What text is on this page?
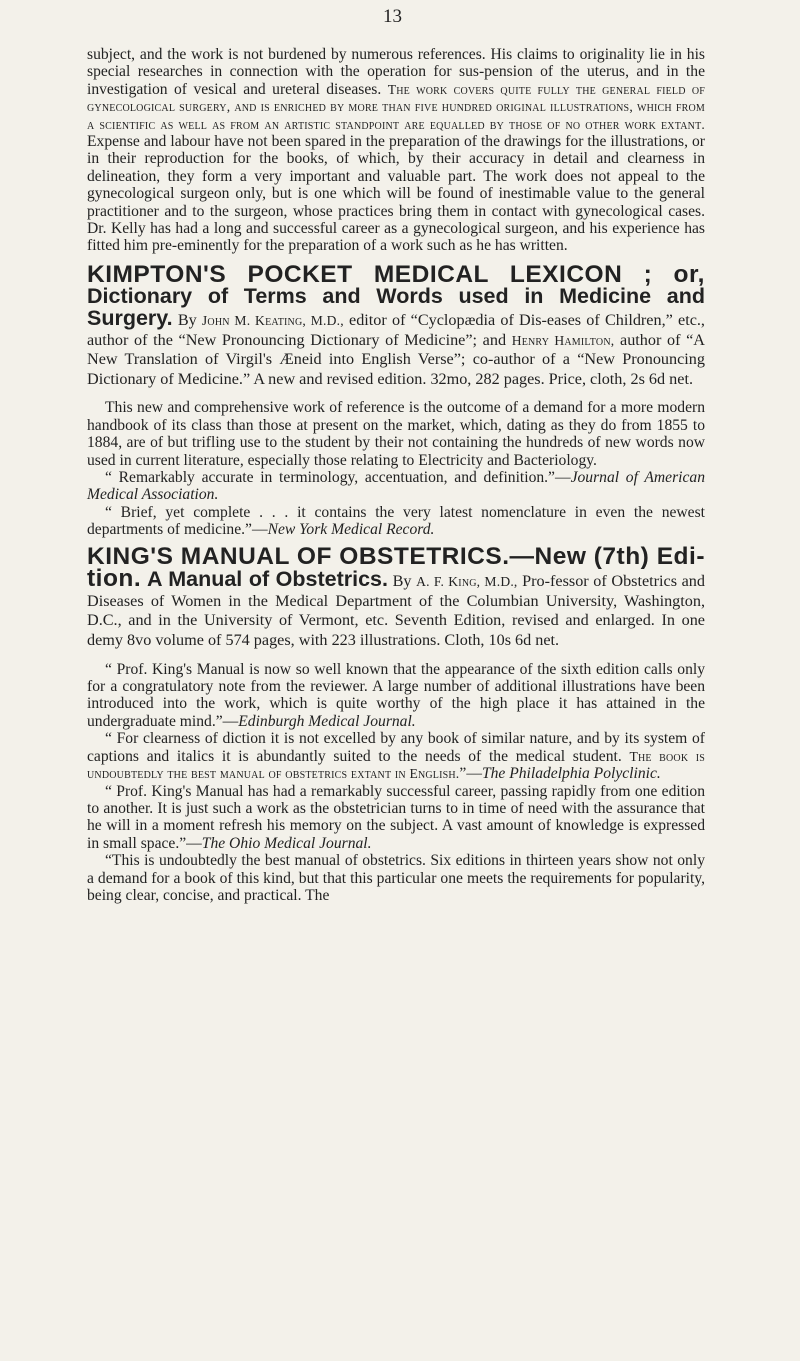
13

subject, and the work is not burdened by numerous references. His claims to originality lie in his special researches in connection with the operation for sus-pension of the uterus, and in the investigation of vesical and ureteral diseases. The work covers quite fully the general field of gynecological surgery, and is enriched by more than five hundred original illustrations, which from a scientific as well as from an artistic standpoint are equalled by those of no other work extant. Expense and labour have not been spared in the preparation of the drawings for the illustrations, or in their reproduction for the books, of which, by their accuracy in detail and clearness in delineation, they form a very important and valuable part. The work does not appeal to the gynecological surgeon only, but is one which will be found of inestimable value to the general practitioner and to the surgeon, whose practices bring them in contact with gynecological cases. Dr. Kelly has had a long and successful career as a gynecological surgeon, and his experience has fitted him pre-eminently for the preparation of a work such as he has written.

KIMPTON'S POCKET MEDICAL LEXICON ; or, Dictionary of Terms and Words used in Medicine and Surgery. By John M. Keating, M.D., editor of “Cyclopædia of Dis-eases of Children,” etc., author of the “New Pronouncing Dictionary of Medicine”; and Henry Hamilton, author of “A New Translation of Virgil's Æneid into English Verse”; co-author of a “New Pronouncing Dictionary of Medicine.” A new and revised edition. 32mo, 282 pages. Price, cloth, 2s 6d net.

This new and comprehensive work of reference is the outcome of a demand for a more modern handbook of its class than those at present on the market, which, dating as they do from 1855 to 1884, are of but trifling use to the student by their not containing the hundreds of new words now used in current literature, especially those relating to Electricity and Bacteriology.

“ Remarkably accurate in terminology, accentuation, and definition.”—Journal of American Medical Association.

“ Brief, yet complete . . . it contains the very latest nomenclature in even the newest departments of medicine.”—New York Medical Record.

KING'S MANUAL OF OBSTETRICS.—New (7th) Edi-tion. A Manual of Obstetrics. By A. F. King, M.D., Pro-fessor of Obstetrics and Diseases of Women in the Medical Department of the Columbian University, Washington, D.C., and in the University of Vermont, etc. Seventh Edition, revised and enlarged. In one demy 8vo volume of 574 pages, with 223 illustrations. Cloth, 10s 6d net.

“ Prof. King's Manual is now so well known that the appearance of the sixth edition calls only for a congratulatory note from the reviewer. A large number of additional illustrations have been introduced into the work, which is quite worthy of the high place it has attained in the undergraduate mind.”—Edinburgh Medical Journal.

“ For clearness of diction it is not excelled by any book of similar nature, and by its system of captions and italics it is abundantly suited to the needs of the medical student. The book is undoubtedly the best manual of obstetrics extant in English.”—The Philadelphia Polyclinic.

“ Prof. King's Manual has had a remarkably successful career, passing rapidly from one edition to another. It is just such a work as the obstetrician turns to in time of need with the assurance that he will in a moment refresh his memory on the subject. A vast amount of knowledge is expressed in small space.”—The Ohio Medical Journal.

“This is undoubtedly the best manual of obstetrics. Six editions in thirteen years show not only a demand for a book of this kind, but that this particular one meets the requirements for popularity, being clear, concise, and practical. The
